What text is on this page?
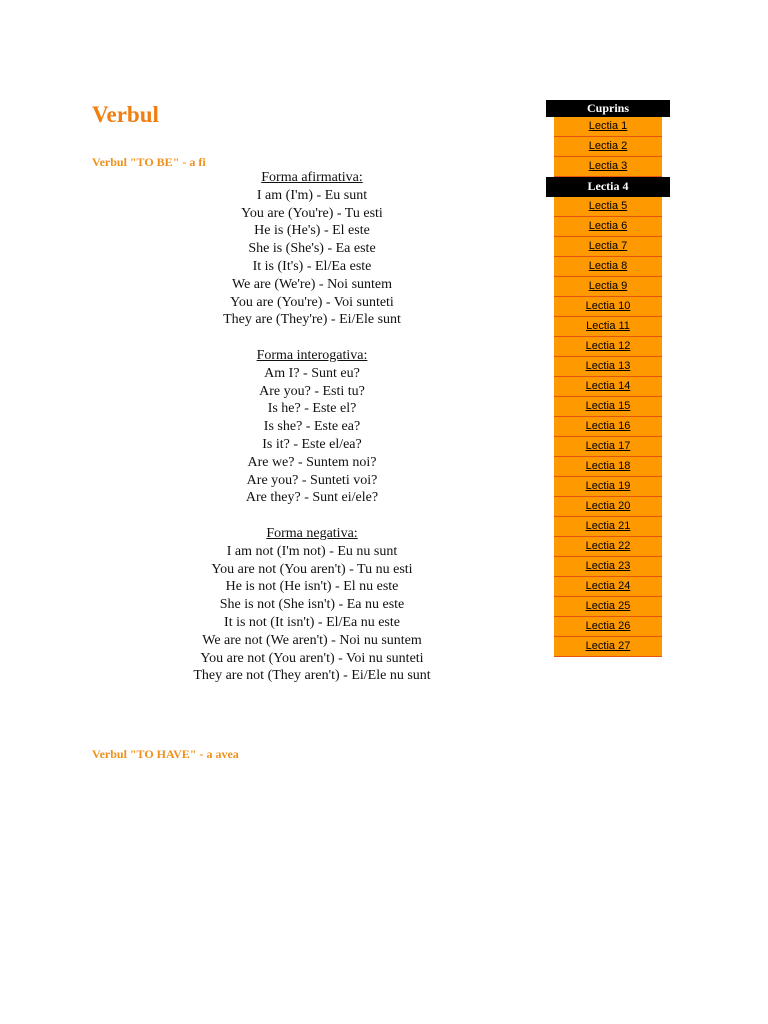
Verbul
Verbul "TO BE" - a fi
Forma afirmativa:
I am (I'm) - Eu sunt
You are (You're) - Tu esti
He is (He's) - El este
She is (She's) - Ea este
It is (It's) - El/Ea este
We are (We're) - Noi suntem
You are (You're) - Voi sunteti
They are (They're) - Ei/Ele sunt
Forma interogativa:
Am I? - Sunt eu?
Are you? - Esti tu?
Is he? - Este el?
Is she? - Este ea?
Is it? - Este el/ea?
Are we? - Suntem noi?
Are you? - Sunteti voi?
Are they? - Sunt ei/ele?
Forma negativa:
I am not (I'm not) - Eu nu sunt
You are not (You aren't) - Tu nu esti
He is not (He isn't) - El nu este
She is not (She isn't) - Ea nu este
It is not (It isn't) - El/Ea nu este
We are not (We aren't) - Noi nu suntem
You are not (You aren't) - Voi nu sunteti
They are not (They aren't) - Ei/Ele nu sunt
Verbul "TO HAVE" - a avea
Cuprins
Lectia 1
Lectia 2
Lectia 3
Lectia 4
Lectia 5
Lectia 6
Lectia 7
Lectia 8
Lectia 9
Lectia 10
Lectia 11
Lectia 12
Lectia 13
Lectia 14
Lectia 15
Lectia 16
Lectia 17
Lectia 18
Lectia 19
Lectia 20
Lectia 21
Lectia 22
Lectia 23
Lectia 24
Lectia 25
Lectia 26
Lectia 27
